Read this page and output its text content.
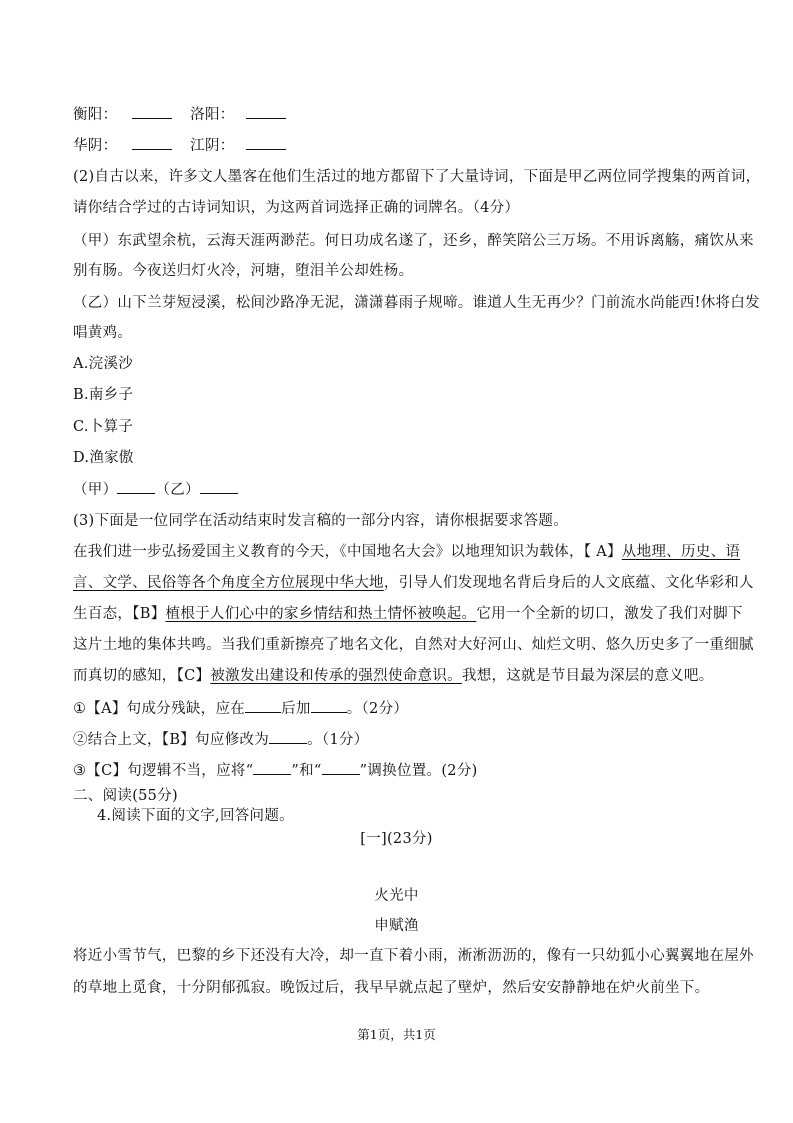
衡阳：	洛阳：
华阴：	江阴：
(2)自古以来，许多文人墨客在他们生活过的地方都留下了大量诗词，下面是甲乙两位同学搜集的两首词，
请你结合学过的古诗词知识，为这两首词选择正确的词牌名。（4分）
（甲）东武望余杭，云海天涯两渺茫。何日功成名遂了，还乡，醉笑陪公三万场。不用诉离觞，痛饮从来
别有肠。今夜送归灯火冷，河塘，堕泪羊公却姓杨。
（乙）山下兰芽短浸溪，松间沙路净无泥，潇潇暮雨子规啼。谁道人生无再少？门前流水尚能西!休将白发
唱黄鸡。
A.浣溪沙
B.南乡子
C.卜算子
D.渔家傲
（甲）	（乙）
(3)下面是一位同学在活动结束时发言稿的一部分内容，请你根据要求答题。
在我们进一步弘扬爱国主义教育的今天，《中国地名大会》以地理知识为载体，【 A】从地理、历史、语
言、文学、民俗等各个角度全方位展现中华大地，引导人们发现地名背后身后的人文底蕴、文化华彩和人
生百态，【B】植根于人们心中的家乡情结和热土情怀被唤起。它用一个全新的切口，激发了我们对脚下
这片土地的集体共鸣。当我们重新擦亮了地名文化，自然对大好河山、灿烂文明、悠久历史多了一重细腻
而真切的感知，【C】被激发出建设和传承的强烈使命意识。我想，这就是节目最为深层的意义吧。
①【A】句成分残缺，应在 后加 。（2分）
②结合上文，【B】句应修改为	。（1分）
③【C】句逻辑不当，应将“	”和“	”调换位置。(2分)
二、阅读(55分)
4.阅读下面的文字,回答问题。
[一](23分)
火光中
申赋渔
将近小雪节气，巴黎的乡下还没有大冷，却一直下着小雨，淅淅沥沥的，像有一只幼狐小心翼翼地在屋外
的草地上觅食，十分阴郁孤寂。晚饭过后，我早早就点起了壁炉，然后安安静静地在炉火前坐下。
第1页，共1页
